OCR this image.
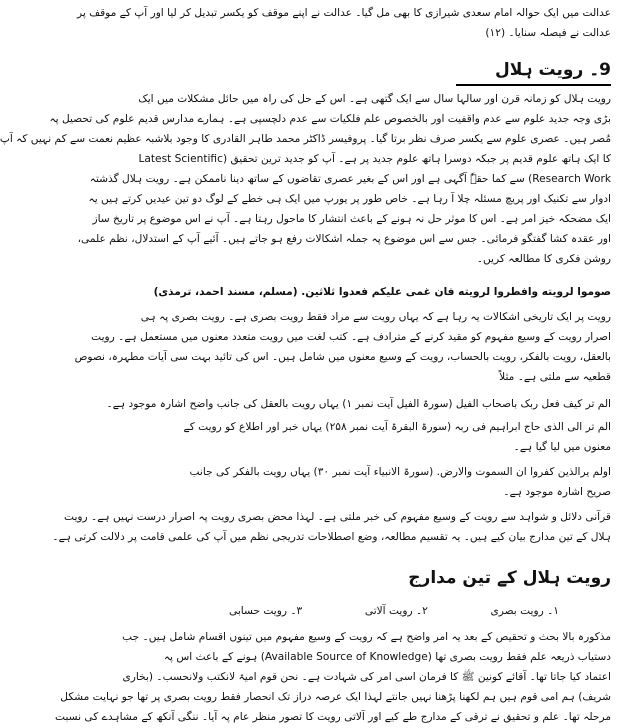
عدالت میں ایک حوالہ امام سعدی شیرازی کا بھی مل گیا۔ عدالت نے اپنے موقف کو یکسر تبدیل کر لیا اور آپ کے موقف پر

عدالت نے فیصلہ سنایا۔ (۱۲)

9۔ رویت ہلال

رویت ہلال کو زمانہ قرن اور سالہا سال سے ایک گتھی ہے۔ اس کے حل کی راہ میں حائل مشکلات میں ایک

بڑی وجہ جدید علوم سے عدم واقفیت اور بالخصوص علم فلکیات سے عدم دلچسپی ہے۔ ہمارے مدارس قدیم علوم کی تحصیل پہ

مُصر ہیں۔ عصری علوم سے یکسر صرف نظر برتا گیا۔ پروفیسر ڈاکٹر محمد طاہر القادری کا وجود بلاشبہ عظیم نعمت سے کم نہیں کہ آپ

کا ایک ہاتھ علوم قدیم پر جبکہ دوسرا ہاتھ علوم جدید پر ہے۔ آپ کو جدید ترین تحقیق (Latest Scientific

Research Work) سے کما حقہٗ آگہی ہے اور اس کے بغیر عصری تقاضوں کے ساتھ دینا ناممکن ہے۔ رویت ہلال گذشتہ

ادوار سے تکنیک اور پریچ مسئلہ چلا آ رہا ہے۔ خاص طور پر یورپ میں ایک ہی خطے کے لوگ دو تین عیدیں کرتے ہیں یہ

ایک مضحکہ خیز امر ہے۔ اس کا موثر حل نہ ہونے کے باعث انتشار کا ماحول رہتا ہے۔ آپ نے اس موضوع پر تاریخ ساز

اور عقدہ کشا گفتگو فرمائی۔ جس سے اس موضوع پہ جملہ اشکالات رفع ہو جاتے ہیں۔ آئیے آپ کے استدلال، نظم علمی،

روشن فکری کا مطالعہ کریں۔

صوموا لرویته وافطروا لرویته فان غمی علیکم فعدوا ثلاثین. (مسلم، مسند احمد، ترمذی)

رویت پر ایک تاریخی اشکالات یہ رہا ہے کہ یہاں رویت سے مراد فقط رویت بصری ہے۔ رویت بصری پہ ہی

اصرار رویت کے وسیع مفہوم کو مقید کرنے کے مترادف ہے۔ کتب لغت میں رویت متعدد معنوں میں مستعمل ہے۔ رویت

بالعقل، رویت بالفکر، رویت بالحساب، رویت کے وسیع معنوں میں شامل ہیں۔ اس کی تائید بہت سی آیات مطہرہ، نصوص

قطعیہ سے ملتی ہے۔ مثلاً

الم تر کیف فعل ربک باصحاب الفیل (سورۃ الفیل آیت نمبر ۱) یہاں رویت بالعقل کی جانب واضح اشارہ موجود ہے۔

الم تر الی الذی حاج ابراہیم فی ربہ (سورۃ البقرۃ آیت نمبر ۲۵۸) یہاں خبر اور اطلاع کو رویت کے

معنوں میں لیا گیا ہے۔

اولم یرالذین کفروا ان السموت والارض. (سورۃ الانبیاء آیت نمبر ۳۰) یہاں رویت بالفکر کی جانب

صریح اشارہ موجود ہے۔

قرآنی دلائل و شواہد سے رویت کے وسیع مفہوم کی خبر ملتی ہے۔ لہذا محض بصری رویت پہ اصرار درست نہیں ہے۔ رویت

ہلال کے تین مدارج بیان کیے ہیں۔ یہ تقسیم مطالعہ، وضع اصطلاحات تدریجی نظم میں آپ کی علمی قامت پر دلالت کرتی ہے۔

رویت ہلال کے تین مدارج
۱۔ رویت بصری
۲۔ رویت آلاتی
۳۔ رویت حسابی

مذکورہ بالا بحث و تحقیص کے بعد یہ امر واضح ہے کہ رویت کے وسیع مفہوم میں تینوں اقسام شامل ہیں۔ جب

دستیاب ذریعہ علم فقط رویت بصری تھا (Available Source of Knowledge) ہونے کے باعث اس پہ

اعتماد کیا جاتا تھا۔ آقائے کونین ﷺ کا فرمان اسی امر کی شہادت ہے۔ نحن قوم امیۃ لانکتب ولانحسب۔ (بخاری

شریف) ہم امی قوم ہیں ہم لکھنا پڑھنا نہیں جانتے لہذا ایک عرصہ دراز تک انحصار فقط رویت بصری پر تھا جو نہایت مشکل

مرحلہ تھا۔ علم و تحقیق نے ترقی کے مدارج طے کیے اور آلاتی رویت کا تصور منظر عام پہ آیا۔ ننگی آنکھ کے مشاہدے کی نسبت
